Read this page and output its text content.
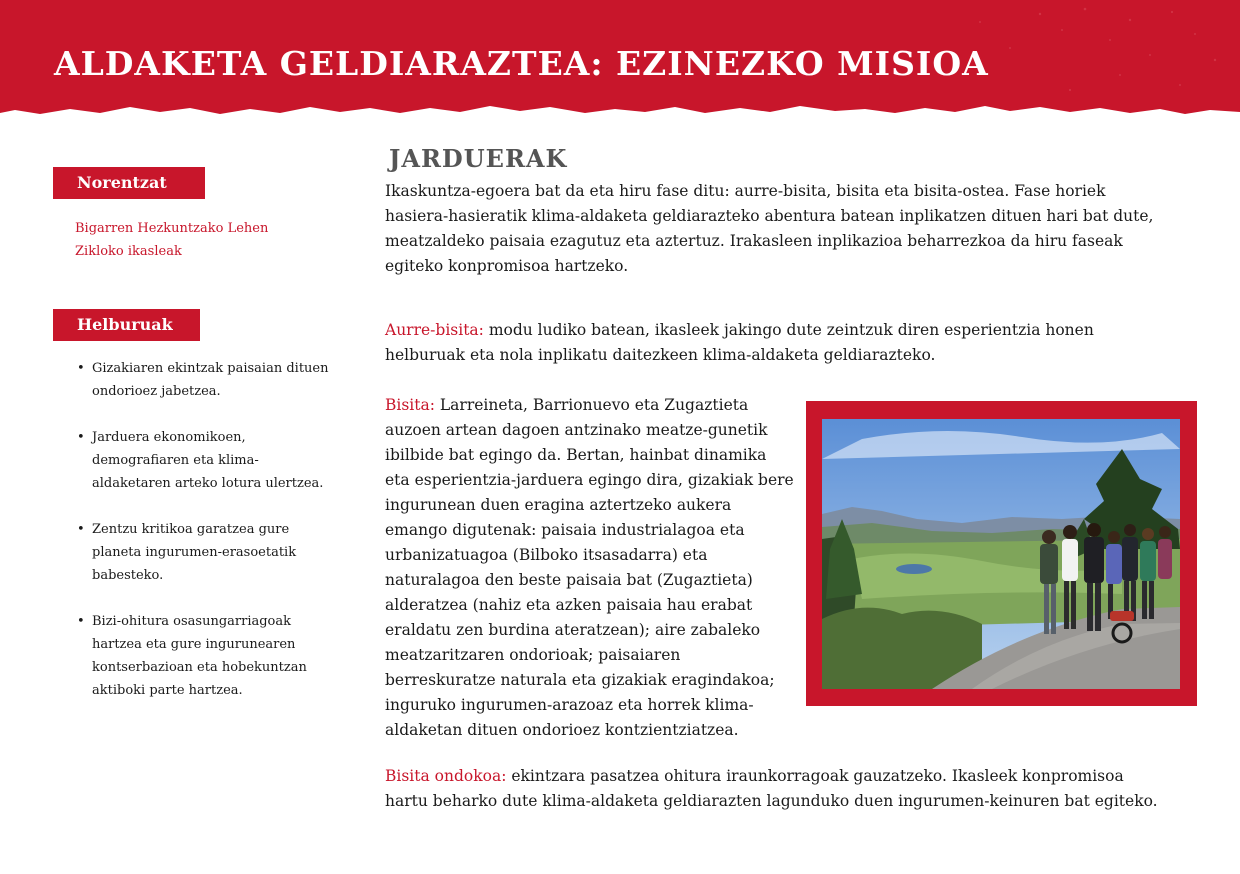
ALDAKETA GELDIARAZTEA: EZINEZKO MISIOA
Norentzat
Bigarren Hezkuntzako Lehen Zikloko ikasleak
Helburuak
• Gizakiaren ekintzak paisaian dituen ondorioez jabetzea.
• Jarduera ekonomikoen, demografiaren eta klima-aldaketaren arteko lotura ulertzea.
• Zentzu kritikoa garatzea gure planeta ingurumen-erasoetatik babesteko.
• Bizi-ohitura osasungarriagoak hartzea eta gure ingurunearen kontserbazioan eta hobekuntzan aktiboki parte hartzea.
JARDUERAK

Ikaskuntza-egoera bat da eta hiru fase ditu: aurre-bisita, bisita eta bisita-ostea. Fase horiek hasiera-hasieratik klima-aldaketa geldiarazteko abentura batean inplikatzen dituen hari bat dute, meatzaldeko paisaia ezagutuz eta aztertuz. Irakasleen inplikazioa beharrezkoa da hiru faseak egiteko konpromisoa hartzeko.

Aurre-bisita: modu ludiko batean, ikasleek jakingo dute zeintzuk diren esperientzia honen helburuak eta nola inplikatu daitezkeen klima-aldaketa geldiarazteko.

Bisita: Larreineta, Barrionuevo eta Zugaztieta auzoen artean dagoen antzinako meatze-gunetik ibilbide bat egingo da. Bertan, hainbat dinamika eta esperientzia-jarduera egingo dira, gizakiak bere ingurunean duen eragina aztertzeko aukera emango digutenak: paisaia industrialagoa eta urbanizatuagoa (Bilboko itsasadarra) eta naturalagoa den beste paisaia bat (Zugaztieta) alderatzea (nahiz eta azken paisaia hau erabat eraldatu zen burdina ateratzean); aire zabaleko meatzaritzaren ondorioak; paisaiaren berreskuratze naturala eta gizakiak eragindakoa; inguruko ingurumen-arazoaz eta horrek klima-aldaketan dituen ondorioez kontzientziatzea.

Bisita ondokoa: ekintzara pasatzea ohitura iraunkorragoak gauzatzeko. Ikasleek konpromisoa hartu beharko dute klima-aldaketa geldiarazten lagunduko duen ingurumen-keinuren bat egiteko.
